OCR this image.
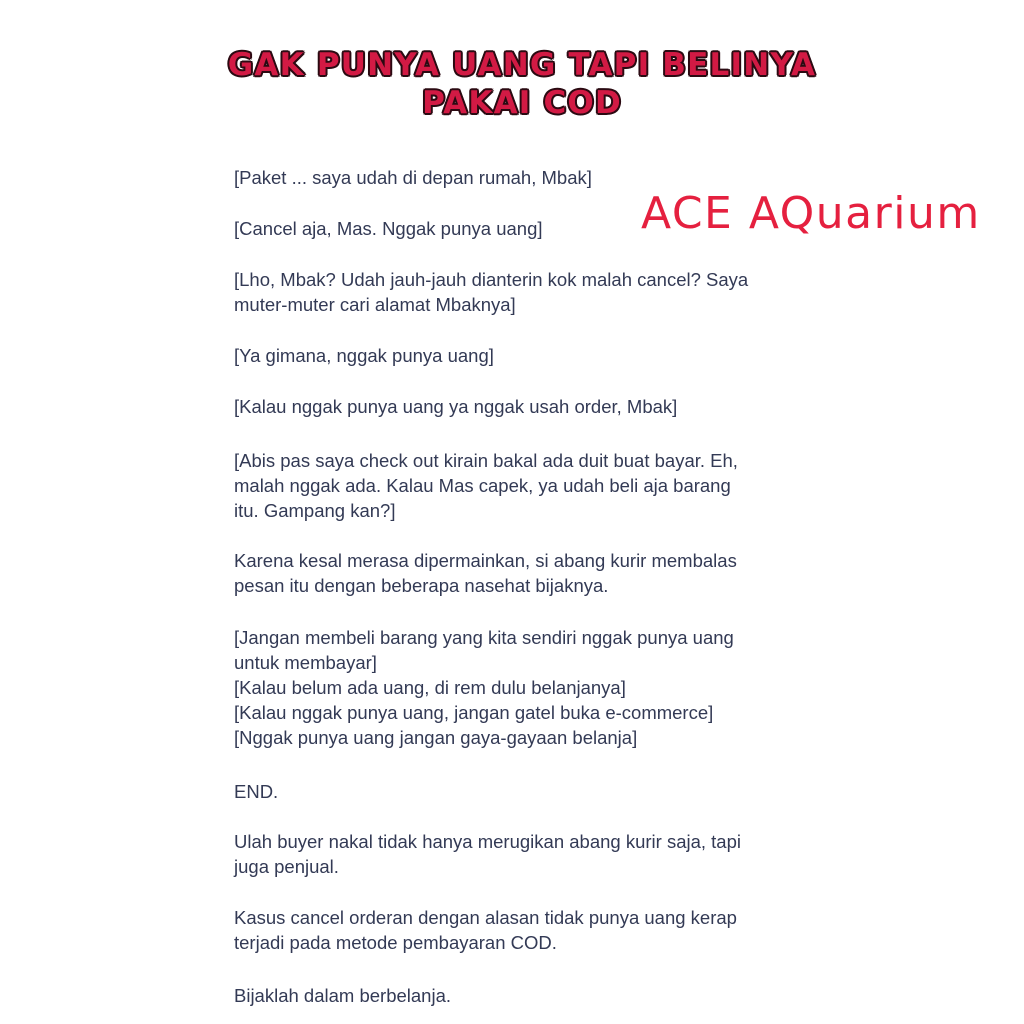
GAK PUNYA UANG TAPI BELINYA
PAKAI COD
ACE AQuarium
[Paket ... saya udah di depan rumah, Mbak]
[Cancel aja, Mas. Nggak punya uang]
[Lho, Mbak? Udah jauh-jauh dianterin kok malah cancel? Saya
muter-muter cari alamat Mbaknya]
[Ya gimana, nggak punya uang]
[Kalau nggak punya uang ya nggak usah order, Mbak]
[Abis pas saya check out kirain bakal ada duit buat bayar. Eh,
malah nggak ada. Kalau Mas capek, ya udah beli aja barang
itu. Gampang kan?]
Karena kesal merasa dipermainkan, si abang kurir membalas
pesan itu dengan beberapa nasehat bijaknya.
[Jangan membeli barang yang kita sendiri nggak punya uang
untuk membayar]
[Kalau belum ada uang, di rem dulu belanjanya]
[Kalau nggak punya uang, jangan gatel buka e-commerce]
[Nggak punya uang jangan gaya-gayaan belanja]
END.
Ulah buyer nakal tidak hanya merugikan abang kurir saja, tapi
juga penjual.
Kasus cancel orderan dengan alasan tidak punya uang kerap
terjadi pada metode pembayaran COD.
Bijaklah dalam berbelanja.
